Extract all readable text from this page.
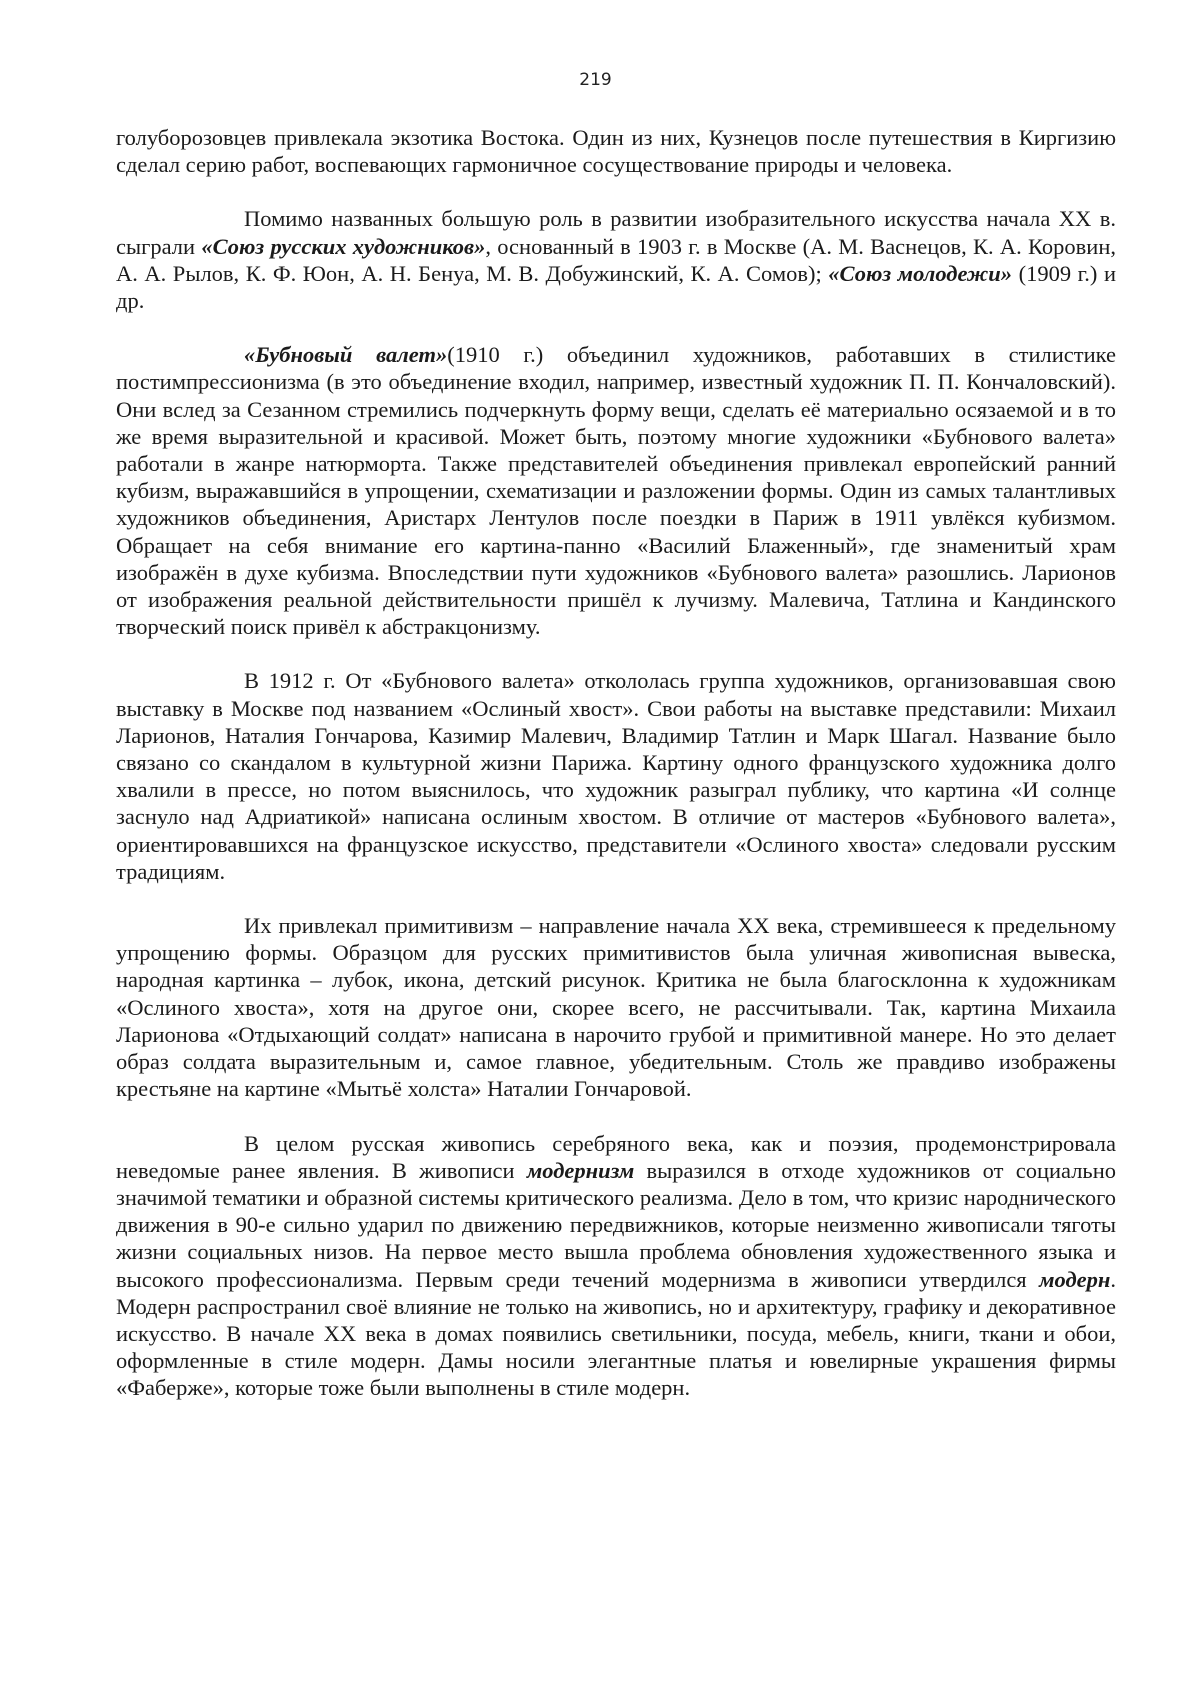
219

голуборозовцев привлекала экзотика Востока. Один из них, Кузнецов после путешествия в Киргизию сделал серию работ, воспевающих гармоничное сосуществование природы и человека.

Помимо названных большую роль в развитии изобразительного искусства начала XX в. сыграли «Союз русских художников», основанный в 1903 г. в Москве (А. М. Васнецов, К. А. Коровин, А. А. Рылов, К. Ф. Юон, А. Н. Бенуа, М. В. Добужинский, К. А. Сомов); «Союз молодежи» (1909 г.) и др.

«Бубновый валет»(1910 г.) объединил художников, работавших в стилистике постимпрессионизма (в это объединение входил, например, известный художник П. П. Кончаловский). Они вслед за Сезанном стремились подчеркнуть форму вещи, сделать её материально осязаемой и в то же время выразительной и красивой. Может быть, поэтому многие художники «Бубнового валета» работали в жанре натюрморта. Также представителей объединения привлекал европейский ранний кубизм, выражавшийся в упрощении, схематизации и разложении формы. Один из самых талантливых художников объединения, Аристарх Лентулов после поездки в Париж в 1911 увлёкся кубизмом. Обращает на себя внимание его картина-панно «Василий Блаженный», где знаменитый храм изображён в духе кубизма. Впоследствии пути художников «Бубнового валета» разошлись. Ларионов от изображения реальной действительности пришёл к лучизму. Малевича, Татлина и Кандинского творческий поиск привёл к абстракцонизму.

В 1912 г. От «Бубнового валета» откололась группа художников, организовавшая свою выставку в Москве под названием «Ослиный хвост». Свои работы на выставке представили: Михаил Ларионов, Наталия Гончарова, Казимир Малевич, Владимир Татлин и Марк Шагал. Название было связано со скандалом в культурной жизни Парижа. Картину одного французского художника долго хвалили в прессе, но потом выяснилось, что художник разыграл публику, что картина «И солнце заснуло над Адриатикой» написана ослиным хвостом. В отличие от мастеров «Бубнового валета», ориентировавшихся на французское искусство, представители «Ослиного хвоста» следовали русским традициям.

Их привлекал примитивизм – направление начала XX века, стремившееся к предельному упрощению формы. Образцом для русских примитивистов была уличная живописная вывеска, народная картинка – лубок, икона, детский рисунок. Критика не была благосклонна к художникам «Ослиного хвоста», хотя на другое они, скорее всего, не рассчитывали. Так, картина Михаила Ларионова «Отдыхающий солдат» написана в нарочито грубой и примитивной манере. Но это делает образ солдата выразительным и, самое главное, убедительным. Столь же правдиво изображены крестьяне на картине «Мытьё холста» Наталии Гончаровой.

В целом русская живопись серебряного века, как и поэзия, продемонстрировала неведомые ранее явления. В живописи модернизм выразился в отходе художников от социально значимой тематики и образной системы критического реализма. Дело в том, что кризис народнического движения в 90-е сильно ударил по движению передвижников, которые неизменно живописали тяготы жизни социальных низов. На первое место вышла проблема обновления художественного языка и высокого профессионализма. Первым среди течений модернизма в живописи утвердился модерн. Модерн распространил своё влияние не только на живопись, но и архитектуру, графику и декоративное искусство. В начале XX века в домах появились светильники, посуда, мебель, книги, ткани и обои, оформленные в стиле модерн. Дамы носили элегантные платья и ювелирные украшения фирмы «Фаберже», которые тоже были выполнены в стиле модерн.
